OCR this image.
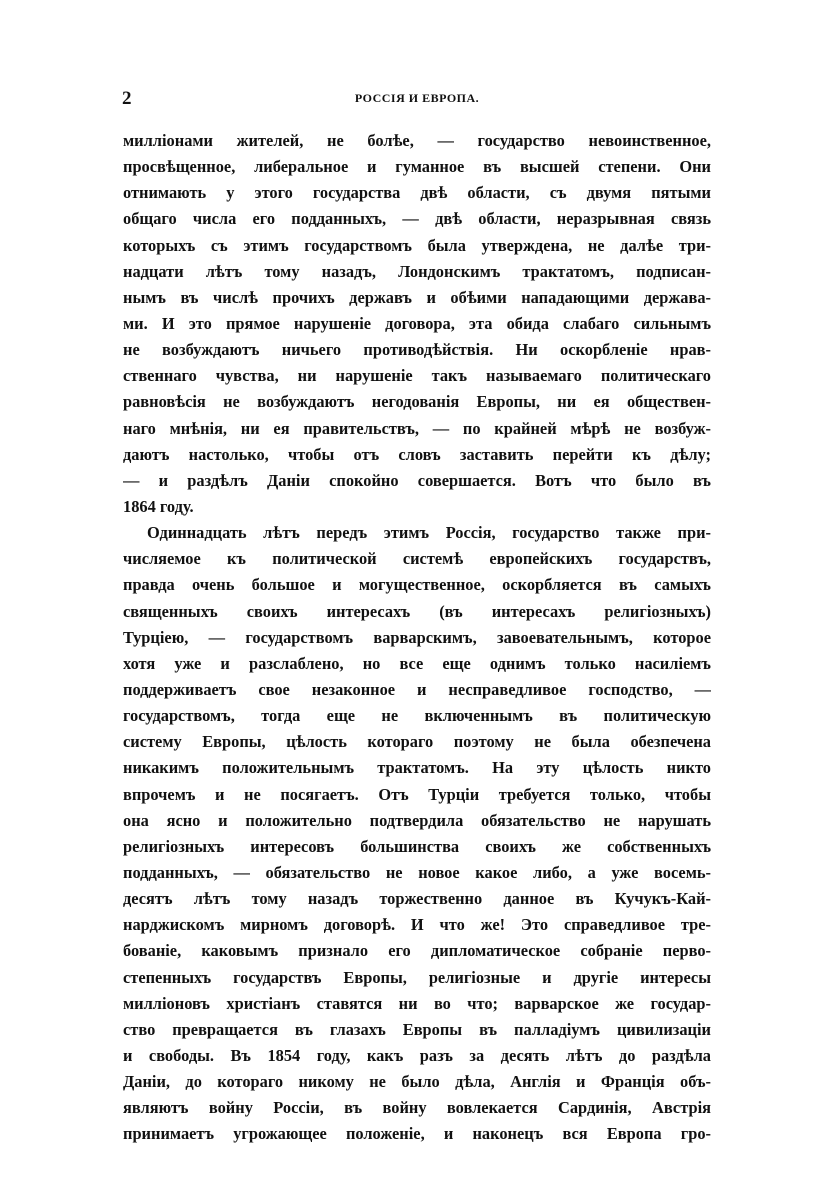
2	РОССІЯ И ЕВРОПА.
милліонами жителей, не болѣе, — государство невоинственное,
просвѣщенное, либеральное и гуманное въ высшей степени. Они
отнимають у этого государства двѣ области, съ двумя пятыми
общаго числа его подданныхъ, — двѣ области, неразрывная связь
которыхъ съ этимъ государствомъ была утверждена, не далѣе три-
надцати лѣтъ тому назадъ, Лондонскимъ трактатомъ, подписан-
нымъ въ числѣ прочихъ державъ и обѣими нападающими держава-
ми. И это прямое нарушеніе договора, эта обида слабаго сильнымъ
не возбуждаютъ ничьего противодѣйствія. Ни оскорбленіе нрав-
ственнаго чувства, ни нарушеніе такъ называемаго политическаго
равновѣсія не возбуждаютъ негодованія Европы, ни ея обществен-
наго мнѣнія, ни ея правительствъ, — по крайней мѣрѣ не возбуж-
даютъ настолько, чтобы отъ словъ заставить перейти къ дѣлу;
— и раздѣлъ Даніи спокойно совершается. Вотъ что было въ
1864 году.
Одиннадцать лѣтъ передъ этимъ Россія, государство также при-
числяемое къ политической системѣ европейскихъ государствъ,
правда очень большое и могущественное, оскорбляется въ самыхъ
священныхъ своихъ интересахъ (въ интересахъ религіозныхъ)
Турціею, — государствомъ варварскимъ, завоевательнымъ, которое
хотя уже и разслаблено, но все еще однимъ только насиліемъ
поддерживаетъ свое незаконное и несправедливое господство, —
государствомъ, тогда еще не включеннымъ въ политическую
систему Европы, цѣлость котораго поэтому не была обезпечена
никакимъ положительнымъ трактатомъ. На эту цѣлость никто
впрочемъ и не посягаетъ. Отъ Турціи требуется только, чтобы
она ясно и положительно подтвердила обязательство не нарушать
религіозныхъ интересовъ большинства своихъ же собственныхъ
подданныхъ, — обязательство не новое какое либо, а уже восемь-
десятъ лѣтъ тому назадъ торжественно данное въ Кучукъ-Кай-
нарджискомъ мирномъ договорѣ. И что же! Это справедливое тре-
бованіе, каковымъ признало его дипломатическое собраніе перво-
степенныхъ государствъ Европы, религіозные и другіе интересы
милліоновъ христіанъ ставятся ни во что; варварское же государ-
ство превращается въ глазахъ Европы въ палладіумъ цивилизаціи
и свободы. Въ 1854 году, какъ разъ за десять лѣтъ до раздѣла
Даніи, до котораго никому не было дѣла, Англія и Франція объ-
являютъ войну Россіи, въ войну вовлекается Сардинія, Австрія
принимаетъ угрожающее положеніе, и наконецъ вся Европа гро-
